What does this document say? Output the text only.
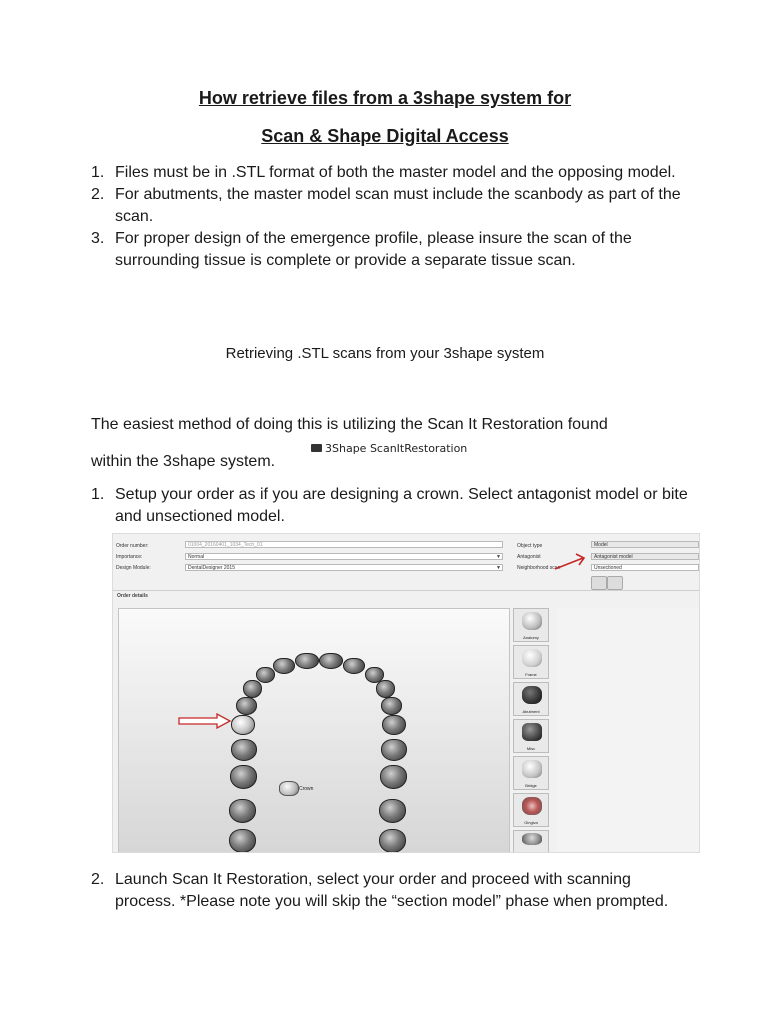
How retrieve files from a 3shape system for
Scan & Shape Digital Access
1. Files must be in .STL format of both the master model and the opposing model.
2. For abutments, the master model scan must include the scanbody as part of the scan.
3. For proper design of the emergence profile, please insure the scan of the surrounding tissue is complete or provide a separate tissue scan.
Retrieving .STL scans from your 3shape system
The easiest method of doing this is utilizing the Scan It Restoration found
within the 3shape system.
3Shape ScanItRestoration
1. Setup your order as if you are designing a crown. Select antagonist model or bite and unsectioned model.
Order number:	01004_20160401_1034_Tech_01
Importance:	Normal	▼
Design Module:	DentalDesigner 2015	▼
Object type	Model
Antagonist	Antagonist model
Neighborhood scan	Unsectioned
Order details
Crown
Anatomy
Frame
Abutment
Misc
Bridge
Gingiva
2. Launch Scan It Restoration, select your order and proceed with scanning process. *Please note you will skip the “section model” phase when prompted.
